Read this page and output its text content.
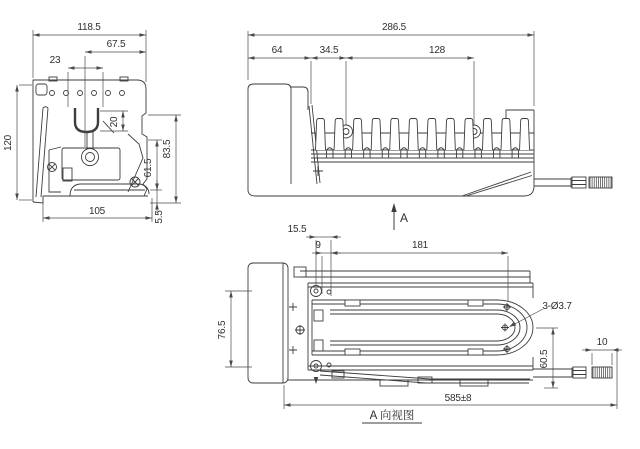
118.5
67.5
23
120
20
83.5
61.5
5.5
105
286.5
64	34.5	128
15.5
9	181
76.5
60.5
10
585±8
A
3-Ø3.7
A 向视图
